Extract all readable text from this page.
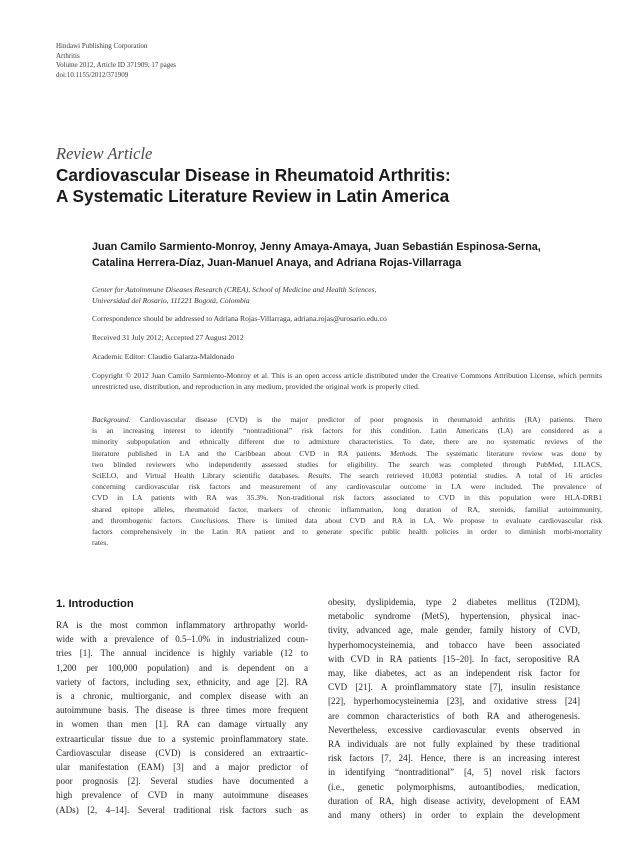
Hindawi Publishing Corporation
Arthritis
Volume 2012, Article ID 371909, 17 pages
doi:10.1155/2012/371909
Review Article
Cardiovascular Disease in Rheumatoid Arthritis:
A Systematic Literature Review in Latin America
Juan Camilo Sarmiento-Monroy, Jenny Amaya-Amaya, Juan Sebastián Espinosa-Serna,
Catalina Herrera-Díaz, Juan-Manuel Anaya, and Adriana Rojas-Villarraga
Center for Autoimmune Diseases Research (CREA), School of Medicine and Health Sciences,
Universidad del Rosario, 111221 Bogotá, Colombia
Correspondence should be addressed to Adriana Rojas-Villarraga, adriana.rojas@urosario.edu.co
Received 31 July 2012; Accepted 27 August 2012
Academic Editor: Claudio Galarza-Maldonado
Copyright © 2012 Juan Camilo Sarmiento-Monroy et al. This is an open access article distributed under the Creative Commons Attribution License, which permits unrestricted use, distribution, and reproduction in any medium, provided the original work is properly cited.
Background. Cardiovascular disease (CVD) is the major predictor of poor prognosis in rheumatoid arthritis (RA) patients. There
is an increasing interest to identify “nontraditional” risk factors for this condition. Latin Americans (LA) are considered as a
minority subpopulation and ethnically different due to admixture characteristics. To date, there are no systematic reviews of the
literature published in LA and the Caribbean about CVD in RA patients. Methods. The systematic literature review was done by
two blinded reviewers who independently assessed studies for eligibility. The search was completed through PubMed, LILACS,
SciELO, and Virtual Health Library scientific databases. Results. The search retrieved 10,083 potential studies. A total of 16 articles
concerning cardiovascular risk factors and measurement of any cardiovascular outcome in LA were included. The prevalence of
CVD in LA patients with RA was 35.3%. Non-traditional risk factors associated to CVD in this population were HLA-DRB1
shared epitope alleles, rheumatoid factor, markers of chronic inflammation, long duration of RA, steroids, familial autoimmunity,
and thrombogenic factors. Conclusions. There is limited data about CVD and RA in LA. We propose to evaluate cardiovascular risk
factors comprehensively in the Latin RA patient and to generate specific public health policies in order to diminish morbi-mortality
rates.
1. Introduction
RA is the most common inflammatory arthropathy world-
wide with a prevalence of 0.5–1.0% in industrialized coun-
tries [1]. The annual incidence is highly variable (12 to
1,200 per 100,000 population) and is dependent on a
variety of factors, including sex, ethnicity, and age [2]. RA
is a chronic, multiorganic, and complex disease with an
autoimmune basis. The disease is three times more frequent
in women than men [1]. RA can damage virtually any
extraarticular tissue due to a systemic proinflammatory state.
Cardiovascular disease (CVD) is considered an extraartic-
ular manifestation (EAM) [3] and a major predictor of
poor prognosis [2]. Several studies have documented a
high prevalence of CVD in many autoimmune diseases
(ADs) [2, 4–14]. Several traditional risk factors such as
obesity, dyslipidemia, type 2 diabetes mellitus (T2DM),
metabolic syndrome (MetS), hypertension, physical inac-
tivity, advanced age, male gender, family history of CVD,
hyperhomocysteinemia, and tobacco have been associated
with CVD in RA patients [15–20]. In fact, seropositive RA
may, like diabetes, act as an independent risk factor for
CVD [21]. A proinflammatory state [7], insulin resistance
[22], hyperhomocysteinemia [23], and oxidative stress [24]
are common characteristics of both RA and atherogenesis.
Nevertheless, excessive cardiovascular events observed in
RA individuals are not fully explained by these traditional
risk factors [7, 24]. Hence, there is an increasing interest
in identifying “nontraditional” [4, 5] novel risk factors
(i.e., genetic polymorphisms, autoantibodies, medication,
duration of RA, high disease activity, development of EAM
and many others) in order to explain the development
